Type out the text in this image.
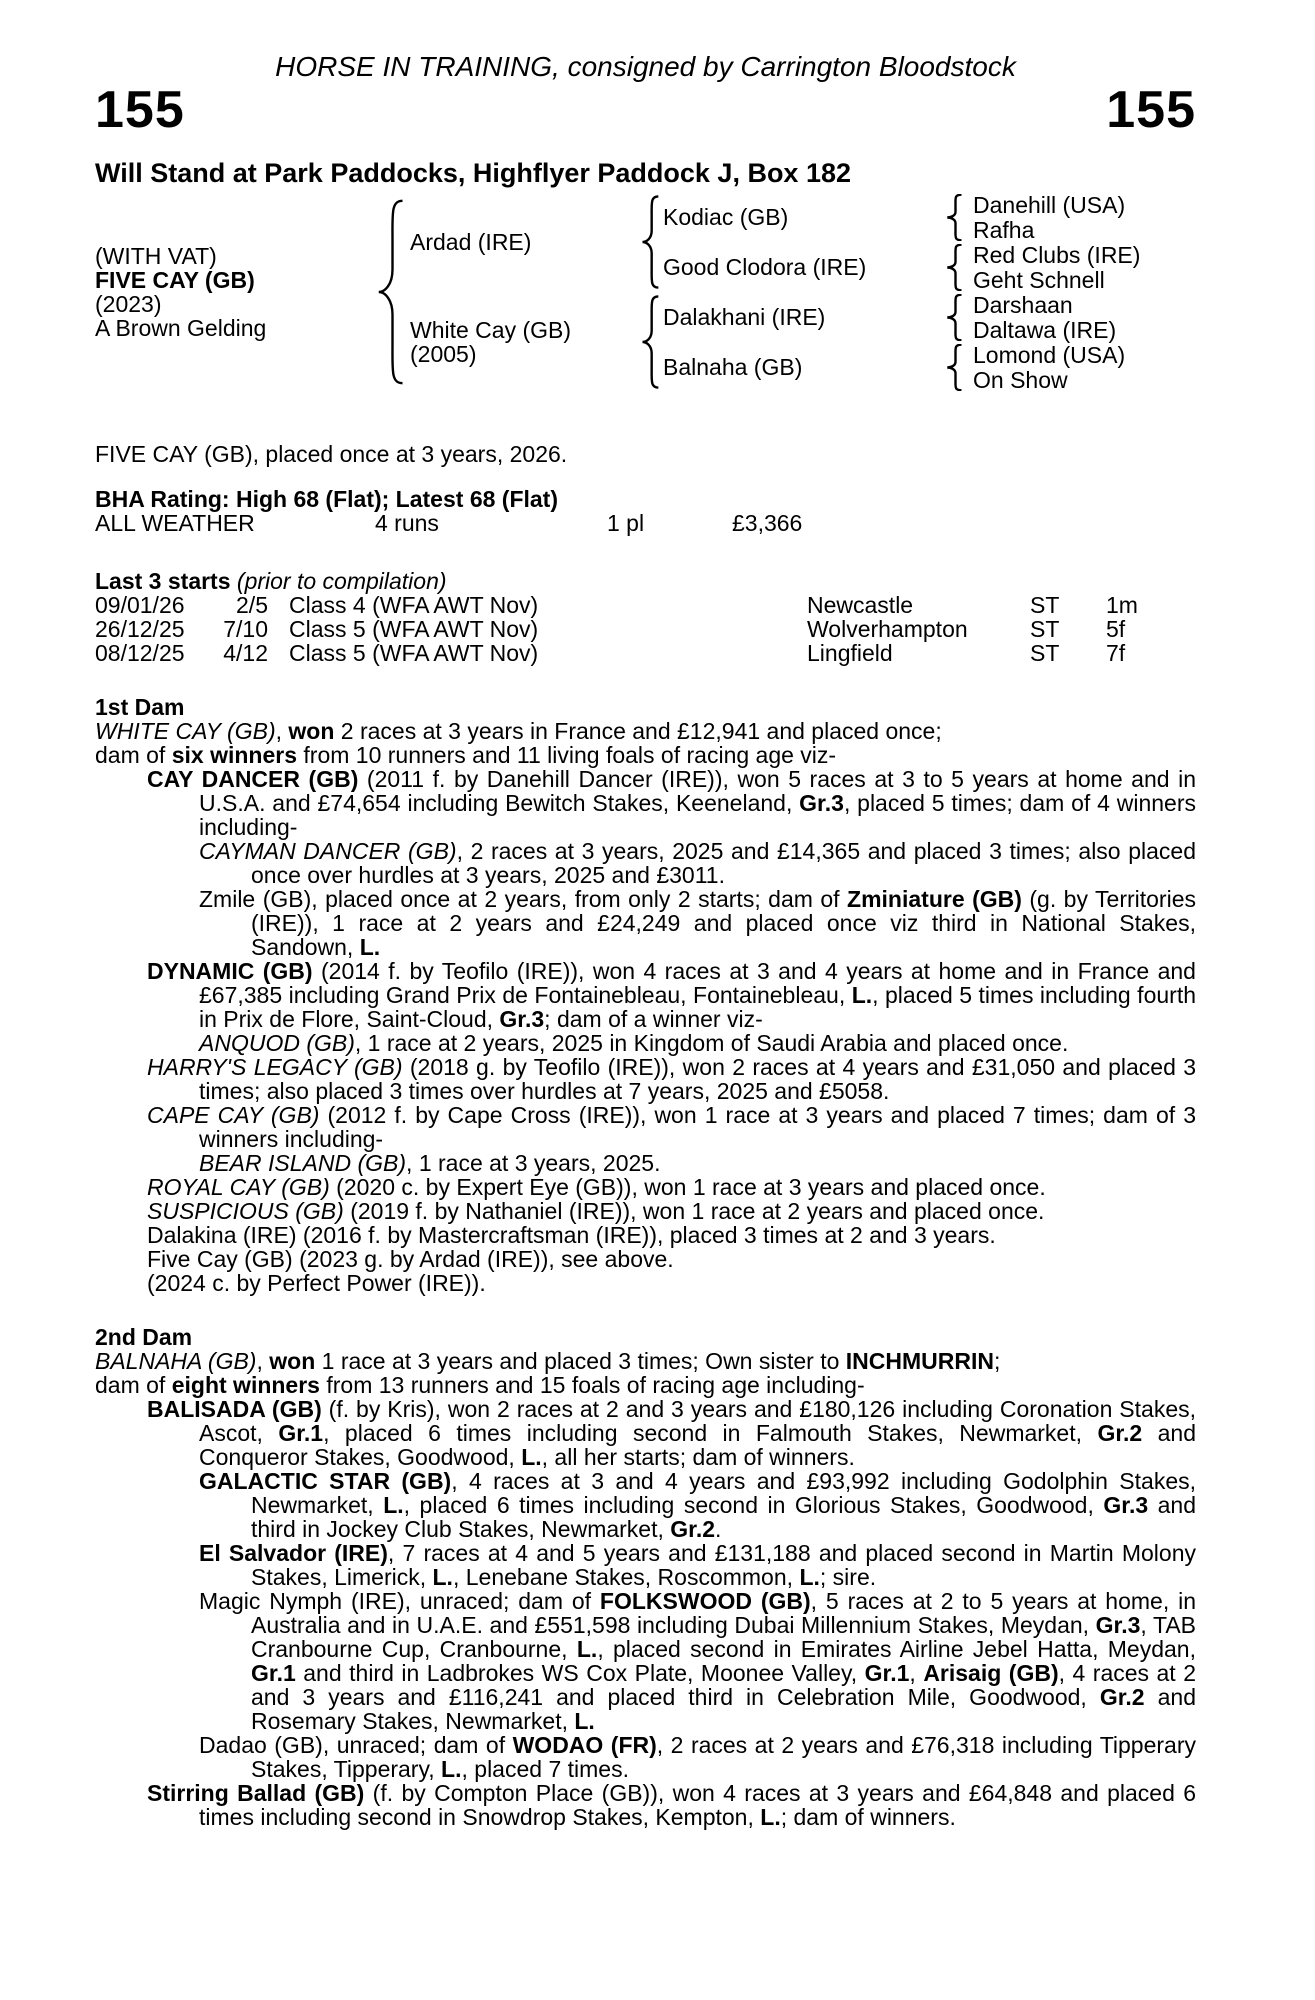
HORSE IN TRAINING, consigned by Carrington Bloodstock
155	155
Will Stand at Park Paddocks, Highflyer Paddock J, Box 182
(WITH VAT)
FIVE CAY (GB)
(2023)
A Brown Gelding
Ardad (IRE)
White Cay (GB)
(2005)
Kodiac (GB)
Good Clodora (IRE)
Dalakhani (IRE)
Balnaha (GB)
Danehill (USA)
Rafha
Red Clubs (IRE)
Geht Schnell
Darshaan
Daltawa (IRE)
Lomond (USA)
On Show
FIVE CAY (GB), placed once at 3 years, 2026.
BHA Rating: High 68 (Flat); Latest 68 (Flat)
ALL WEATHER	4 runs	1 pl	£3,366
Last 3 starts (prior to compilation)
09/01/26	2/5 Class 4 (WFA AWT Nov)	Newcastle	ST	1m
26/12/25	7/10 Class 5 (WFA AWT Nov)	Wolverhampton	ST	5f
08/12/25	4/12 Class 5 (WFA AWT Nov)	Lingfield	ST	7f
1st Dam
WHITE CAY (GB), won 2 races at 3 years in France and £12,941 and placed once;
dam of six winners from 10 runners and 11 living foals of racing age viz-
CAY DANCER (GB) (2011 f. by Danehill Dancer (IRE)), won 5 races at 3 to 5 years at home and in U.S.A. and £74,654 including Bewitch Stakes, Keeneland, Gr.3, placed 5 times; dam of 4 winners including-
CAYMAN DANCER (GB), 2 races at 3 years, 2025 and £14,365 and placed 3 times; also placed once over hurdles at 3 years, 2025 and £3011.
Zmile (GB), placed once at 2 years, from only 2 starts; dam of Zminiature (GB) (g. by Territories (IRE)), 1 race at 2 years and £24,249 and placed once viz third in National Stakes, Sandown, L.
DYNAMIC (GB) (2014 f. by Teofilo (IRE)), won 4 races at 3 and 4 years at home and in France and £67,385 including Grand Prix de Fontainebleau, Fontainebleau, L., placed 5 times including fourth in Prix de Flore, Saint-Cloud, Gr.3; dam of a winner viz-
ANQUOD (GB), 1 race at 2 years, 2025 in Kingdom of Saudi Arabia and placed once.
HARRY'S LEGACY (GB) (2018 g. by Teofilo (IRE)), won 2 races at 4 years and £31,050 and placed 3 times; also placed 3 times over hurdles at 7 years, 2025 and £5058.
CAPE CAY (GB) (2012 f. by Cape Cross (IRE)), won 1 race at 3 years and placed 7 times; dam of 3 winners including-
BEAR ISLAND (GB), 1 race at 3 years, 2025.
ROYAL CAY (GB) (2020 c. by Expert Eye (GB)), won 1 race at 3 years and placed once.
SUSPICIOUS (GB) (2019 f. by Nathaniel (IRE)), won 1 race at 2 years and placed once.
Dalakina (IRE) (2016 f. by Mastercraftsman (IRE)), placed 3 times at 2 and 3 years.
Five Cay (GB) (2023 g. by Ardad (IRE)), see above.
(2024 c. by Perfect Power (IRE)).
2nd Dam
BALNAHA (GB), won 1 race at 3 years and placed 3 times; Own sister to INCHMURRIN;
dam of eight winners from 13 runners and 15 foals of racing age including-
BALISADA (GB) (f. by Kris), won 2 races at 2 and 3 years and £180,126 including Coronation Stakes, Ascot, Gr.1, placed 6 times including second in Falmouth Stakes, Newmarket, Gr.2 and Conqueror Stakes, Goodwood, L., all her starts; dam of winners.
GALACTIC STAR (GB), 4 races at 3 and 4 years and £93,992 including Godolphin Stakes, Newmarket, L., placed 6 times including second in Glorious Stakes, Goodwood, Gr.3 and third in Jockey Club Stakes, Newmarket, Gr.2.
El Salvador (IRE), 7 races at 4 and 5 years and £131,188 and placed second in Martin Molony Stakes, Limerick, L., Lenebane Stakes, Roscommon, L.; sire.
Magic Nymph (IRE), unraced; dam of FOLKSWOOD (GB), 5 races at 2 to 5 years at home, in Australia and in U.A.E. and £551,598 including Dubai Millennium Stakes, Meydan, Gr.3, TAB Cranbourne Cup, Cranbourne, L., placed second in Emirates Airline Jebel Hatta, Meydan, Gr.1 and third in Ladbrokes WS Cox Plate, Moonee Valley, Gr.1, Arisaig (GB), 4 races at 2 and 3 years and £116,241 and placed third in Celebration Mile, Goodwood, Gr.2 and Rosemary Stakes, Newmarket, L.
Dadao (GB), unraced; dam of WODAO (FR), 2 races at 2 years and £76,318 including Tipperary Stakes, Tipperary, L., placed 7 times.
Stirring Ballad (GB) (f. by Compton Place (GB)), won 4 races at 3 years and £64,848 and placed 6 times including second in Snowdrop Stakes, Kempton, L.; dam of winners.
